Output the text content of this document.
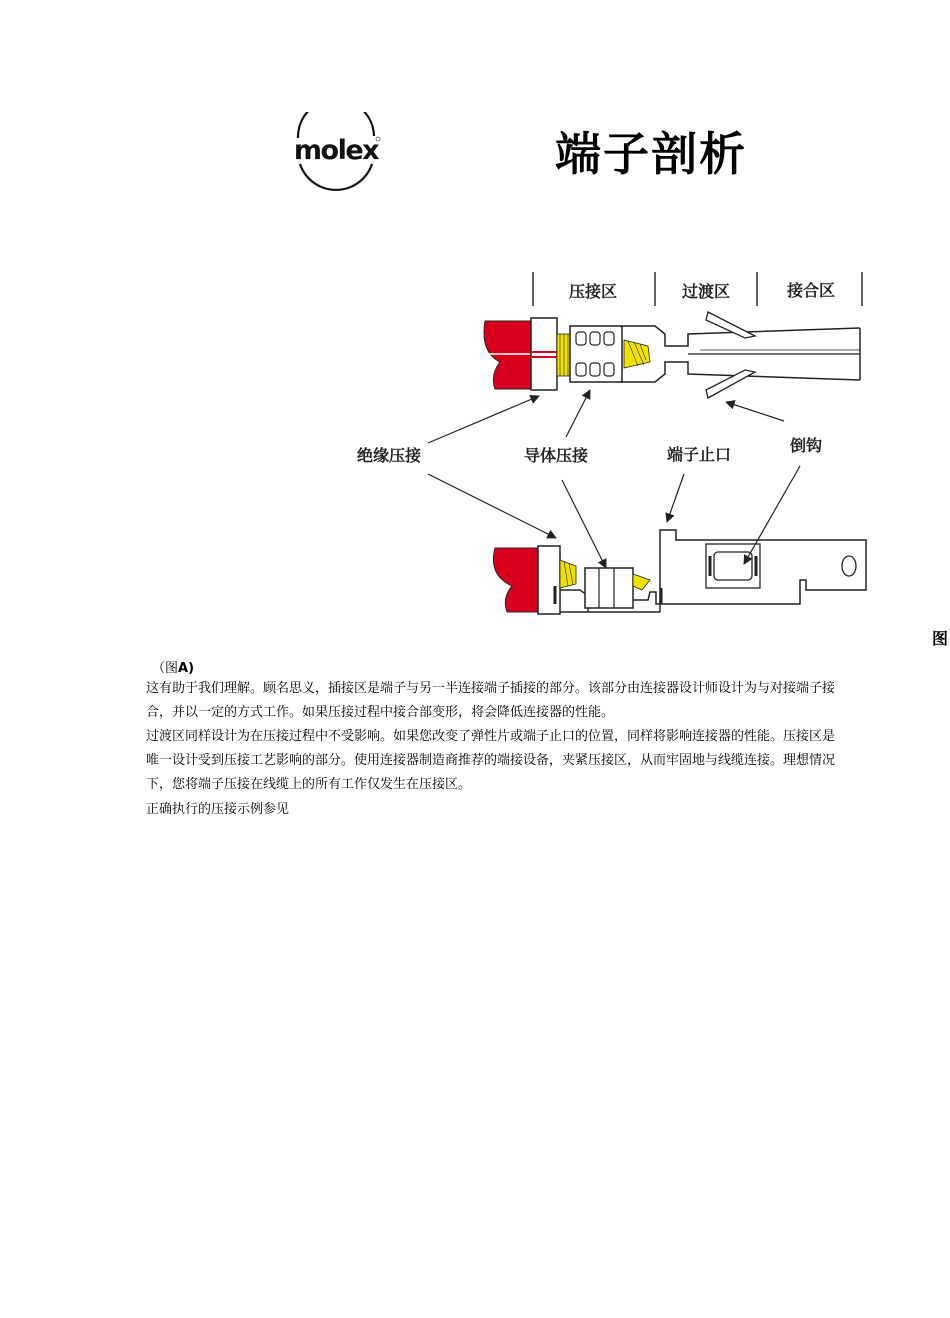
molex	端子剖析
压接区	过渡区	接合区
绝缘压接	导体压接	端子止口	倒钩
图
（图A)
这有助于我们理解。顾名思义，插接区是端子与另一半连接端子插接的部分。该部分由连接器设计师设计为与对接端子接合，并以一定的方式工作。如果压接过程中接合部变形，将会降低连接器的性能。
过渡区同样设计为在压接过程中不受影响。如果您改变了弹性片或端子止口的位置，同样将影响连接器的性能。压接区是唯一设计受到压接工艺影响的部分。使用连接器制造商推荐的端接设备，夹紧压接区，从而牢固地与线缆连接。理想情况下，您将端子压接在线缆上的所有工作仅发生在压接区。
正确执行的压接示例参见
